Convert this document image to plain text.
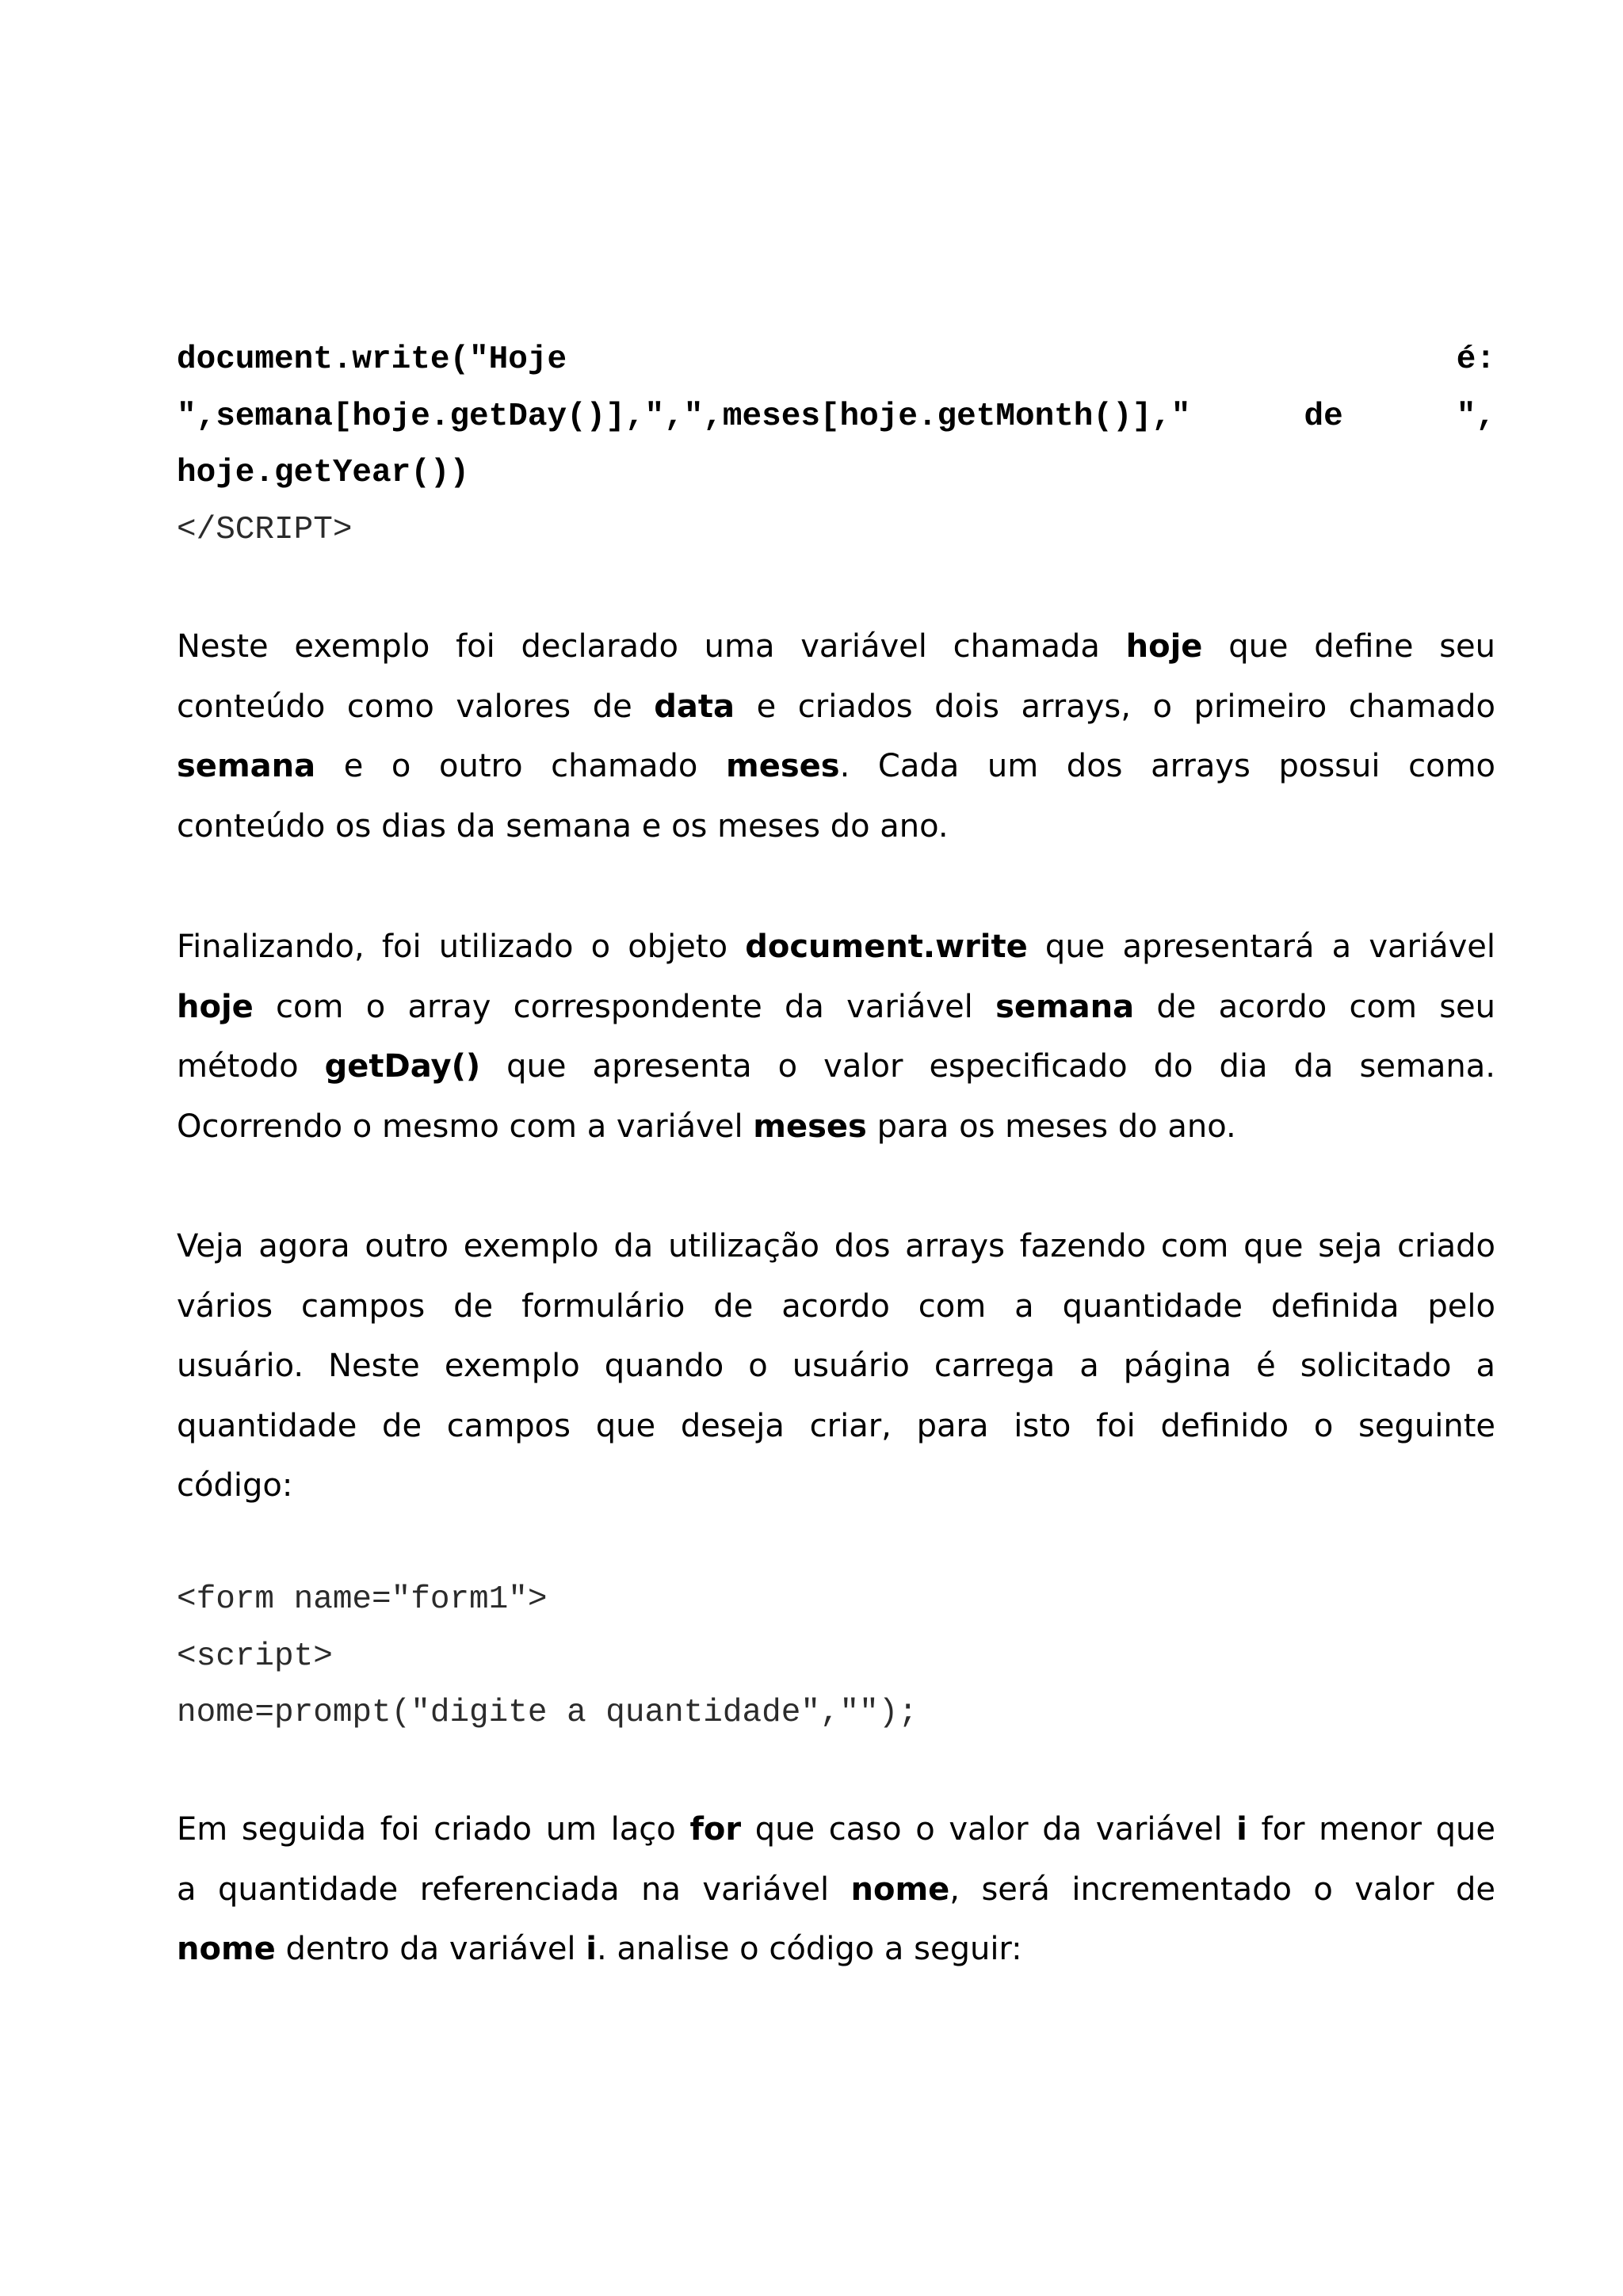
document.write("Hoje	é:
",semana[hoje.getDay()],",",meses[hoje.getMonth()],"	de	",
hoje.getYear())
</SCRIPT>
Neste exemplo foi declarado uma variável chamada hoje que define seu
conteúdo como valores de data e criados dois arrays, o primeiro chamado
semana e o outro chamado meses. Cada um dos arrays possui como
conteúdo os dias da semana e os meses do ano.
Finalizando, foi utilizado o objeto document.write que apresentará a variável
hoje com o array correspondente da variável semana de acordo com seu
método getDay() que apresenta o valor especificado do dia da semana.
Ocorrendo o mesmo com a variável meses para os meses do ano.
Veja agora outro exemplo da utilização dos arrays fazendo com que seja criado
vários campos de formulário de acordo com a quantidade definida pelo
usuário. Neste exemplo quando o usuário carrega a página é solicitado a
quantidade de campos que deseja criar, para isto foi definido o seguinte
código:
<form name="form1">
<script>
nome=prompt("digite a quantidade","");
Em seguida foi criado um laço for que caso o valor da variável i for menor que
a quantidade referenciada na variável nome, será incrementado o valor de
nome dentro da variável i. analise o código a seguir:
